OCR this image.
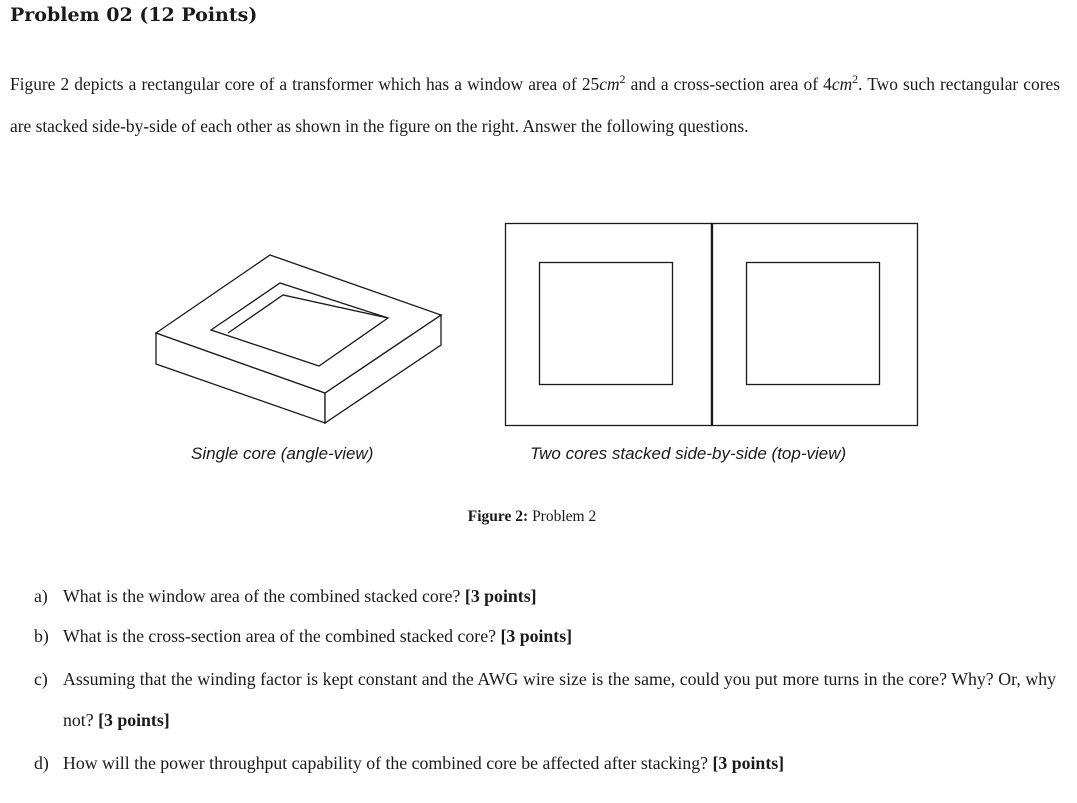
Problem 02 (12 Points)
Figure 2 depicts a rectangular core of a transformer which has a window area of $25cm^2$ and a cross-section area of $4cm^2$. Two such rectangular cores are stacked side-by-side of each other as shown in the figure on the right. Answer the following questions.
Single core (angle-view)	Two cores stacked side-by-side (top-view)
Figure 2: Problem 2
a) What is the window area of the combined stacked core? [3 points]
b) What is the cross-section area of the combined stacked core? [3 points]
c) Assuming that the winding factor is kept constant and the AWG wire size is the same, could you put more turns in the core? Why? Or, why not? [3 points]
d) How will the power throughput capability of the combined core be affected after stacking? [3 points]
